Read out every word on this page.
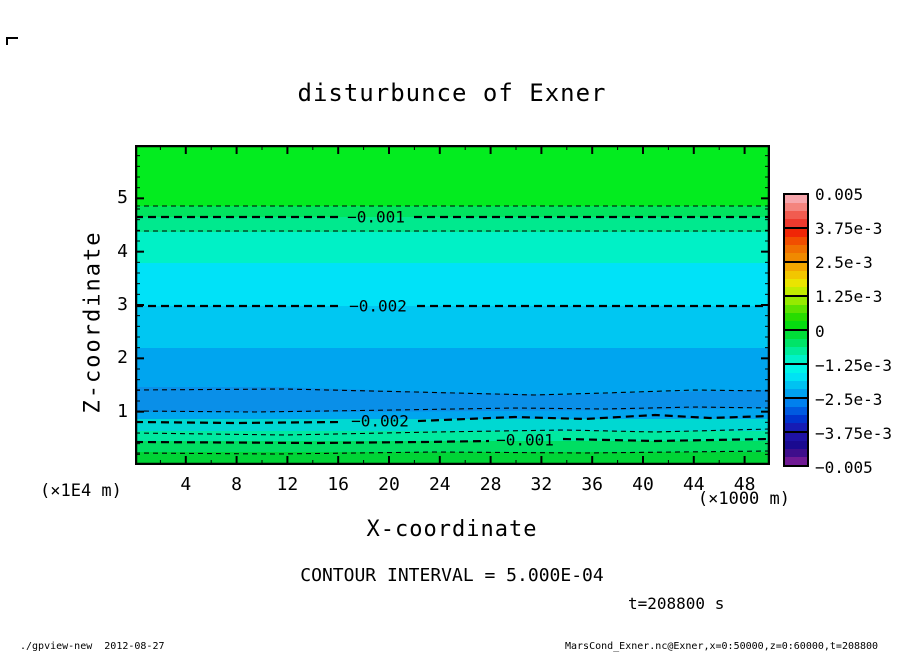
disturbunce of Exner
Z-coordinate 1
2
3
4
5
(×1E4 m)
−0.001
−0.002
−0.002
−0.001
4 8 12 16 20 24 28 32 36 40 44 48
(×1000 m)
X-coordinate
CONTOUR INTERVAL = 5.000E-04
t=208800 s
0.005
3.75e-3
2.5e-3
1.25e-3
0
−1.25e-3
−2.5e-3
−3.75e-3
−0.005
./gpview-new  2012-08-27	MarsCond_Exner.nc@Exner,x=0:50000,z=0:60000,t=208800
